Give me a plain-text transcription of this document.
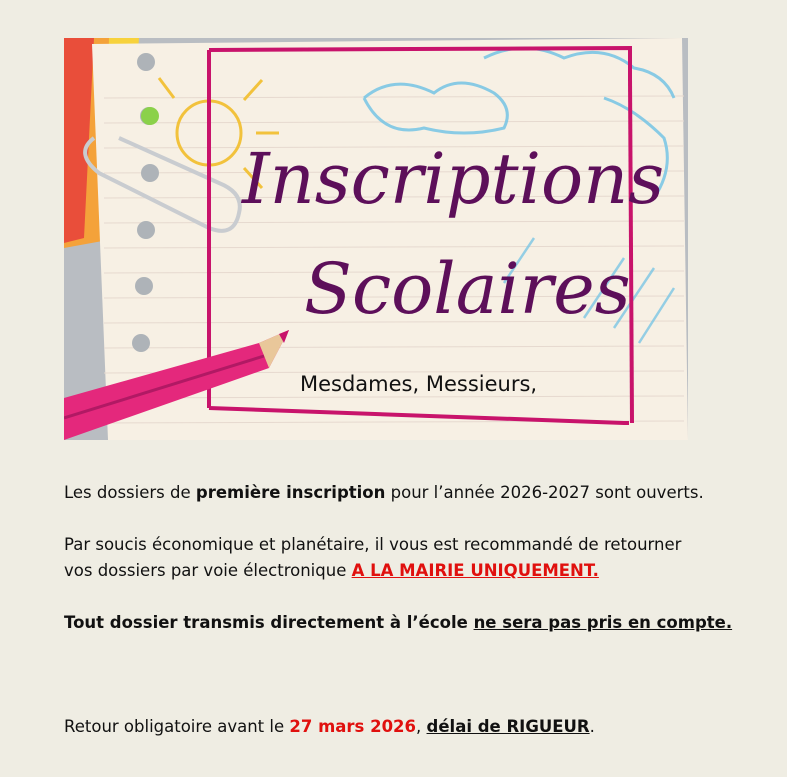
Inscriptions
Scolaires
Mesdames, Messieurs,

Les dossiers de première inscription pour l’année 2026-2027 sont ouverts.

Par soucis économique et planétaire, il vous est recommandé de retourner
vos dossiers par voie électronique A LA MAIRIE UNIQUEMENT.

Tout dossier transmis directement à l’école ne sera pas pris en compte.

Retour obligatoire avant le 27 mars 2026, délai de RIGUEUR.
